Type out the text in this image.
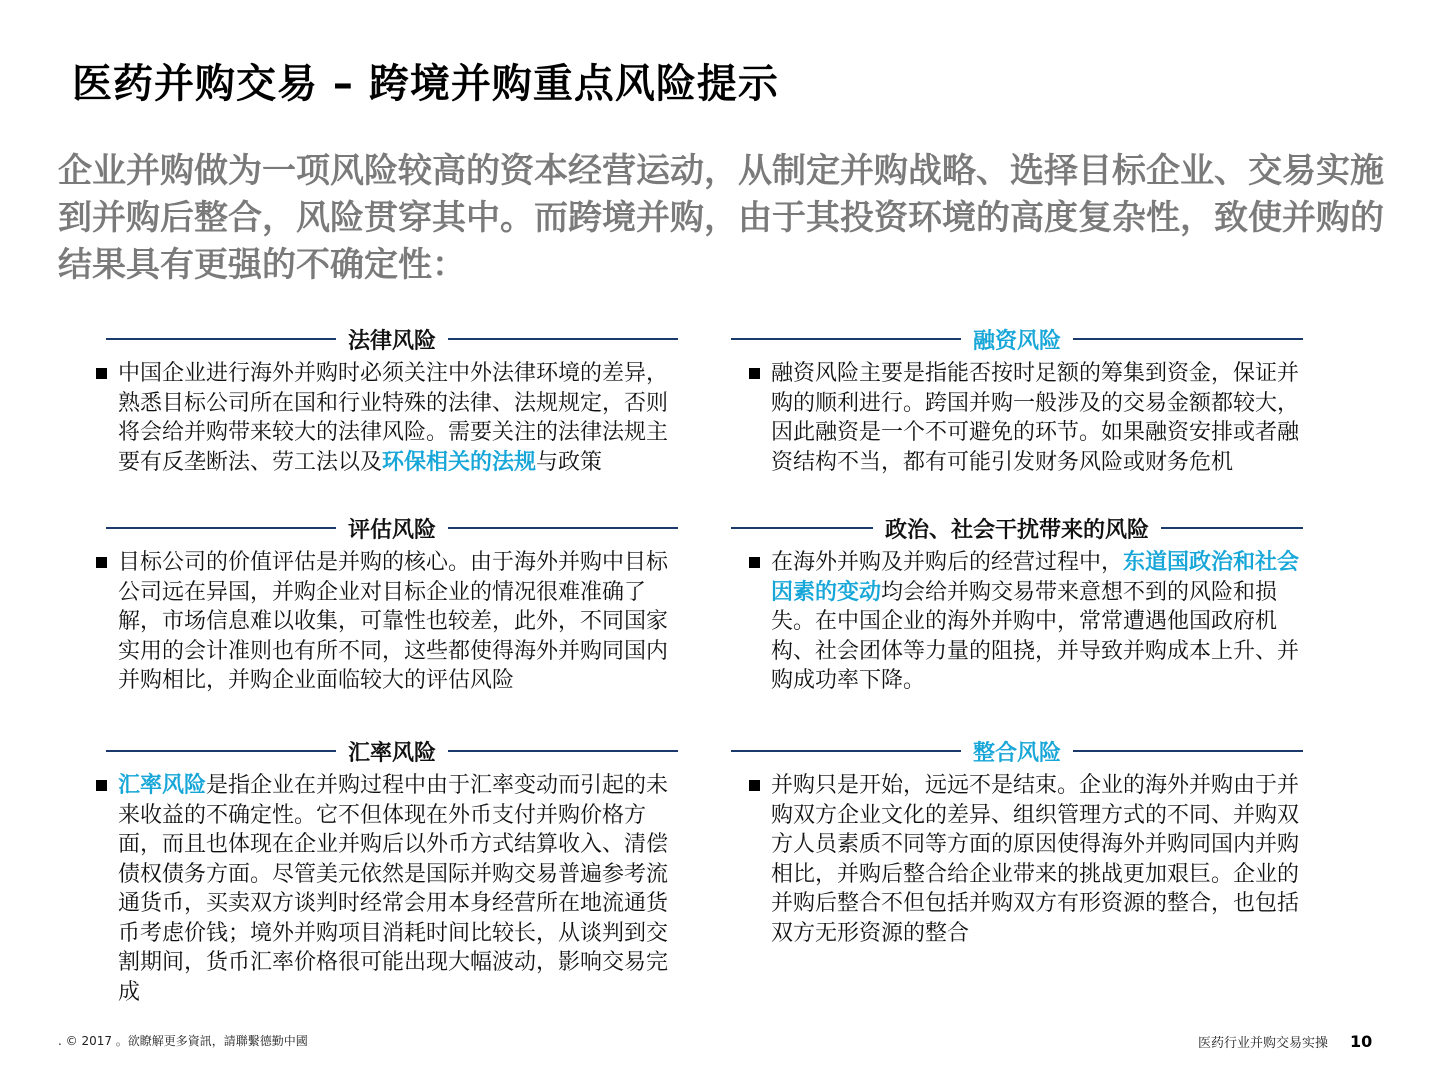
医药并购交易 – 跨境并购重点风险提示
企业并购做为一项风险较高的资本经营运动，从制定并购战略、选择目标企业、交易实施到并购后整合，风险贯穿其中。而跨境并购，由于其投资环境的高度复杂性，致使并购的结果具有更强的不确定性：
法律风险
中国企业进行海外并购时必须关注中外法律环境的差异，熟悉目标公司所在国和行业特殊的法律、法规规定，否则将会给并购带来较大的法律风险。需要关注的法律法规主要有反垄断法、劳工法以及环保相关的法规与政策
评估风险
目标公司的价值评估是并购的核心。由于海外并购中目标公司远在异国，并购企业对目标企业的情况很难准确了解，市场信息难以收集，可靠性也较差，此外，不同国家实用的会计准则也有所不同，这些都使得海外并购同国内并购相比，并购企业面临较大的评估风险
汇率风险
汇率风险是指企业在并购过程中由于汇率变动而引起的未来收益的不确定性。它不但体现在外币支付并购价格方面，而且也体现在企业并购后以外币方式结算收入、清偿债权债务方面。尽管美元依然是国际并购交易普遍参考流通货币，买卖双方谈判时经常会用本身经营所在地流通货币考虑价钱；境外并购项目消耗时间比较长，从谈判到交割期间，货币汇率价格很可能出现大幅波动，影响交易完成
融资风险
融资风险主要是指能否按时足额的筹集到资金，保证并购的顺利进行。跨国并购一般涉及的交易金额都较大，因此融资是一个不可避免的环节。如果融资安排或者融资结构不当，都有可能引发财务风险或财务危机
政治、社会干扰带来的风险
在海外并购及并购后的经营过程中，东道国政治和社会因素的变动均会给并购交易带来意想不到的风险和损失。在中国企业的海外并购中，常常遭遇他国政府机构、社会团体等力量的阻挠，并导致并购成本上升、并购成功率下降。
整合风险
并购只是开始，远远不是结束。企业的海外并购由于并购双方企业文化的差异、组织管理方式的不同、并购双方人员素质不同等方面的原因使得海外并购同国内并购相比，并购后整合给企业带来的挑战更加艰巨。企业的并购后整合不但包括并购双方有形资源的整合，也包括双方无形资源的整合
. © 2017 。欲瞭解更多資訊，請聯繫德勤中國	医药行业并购交易实操 10
